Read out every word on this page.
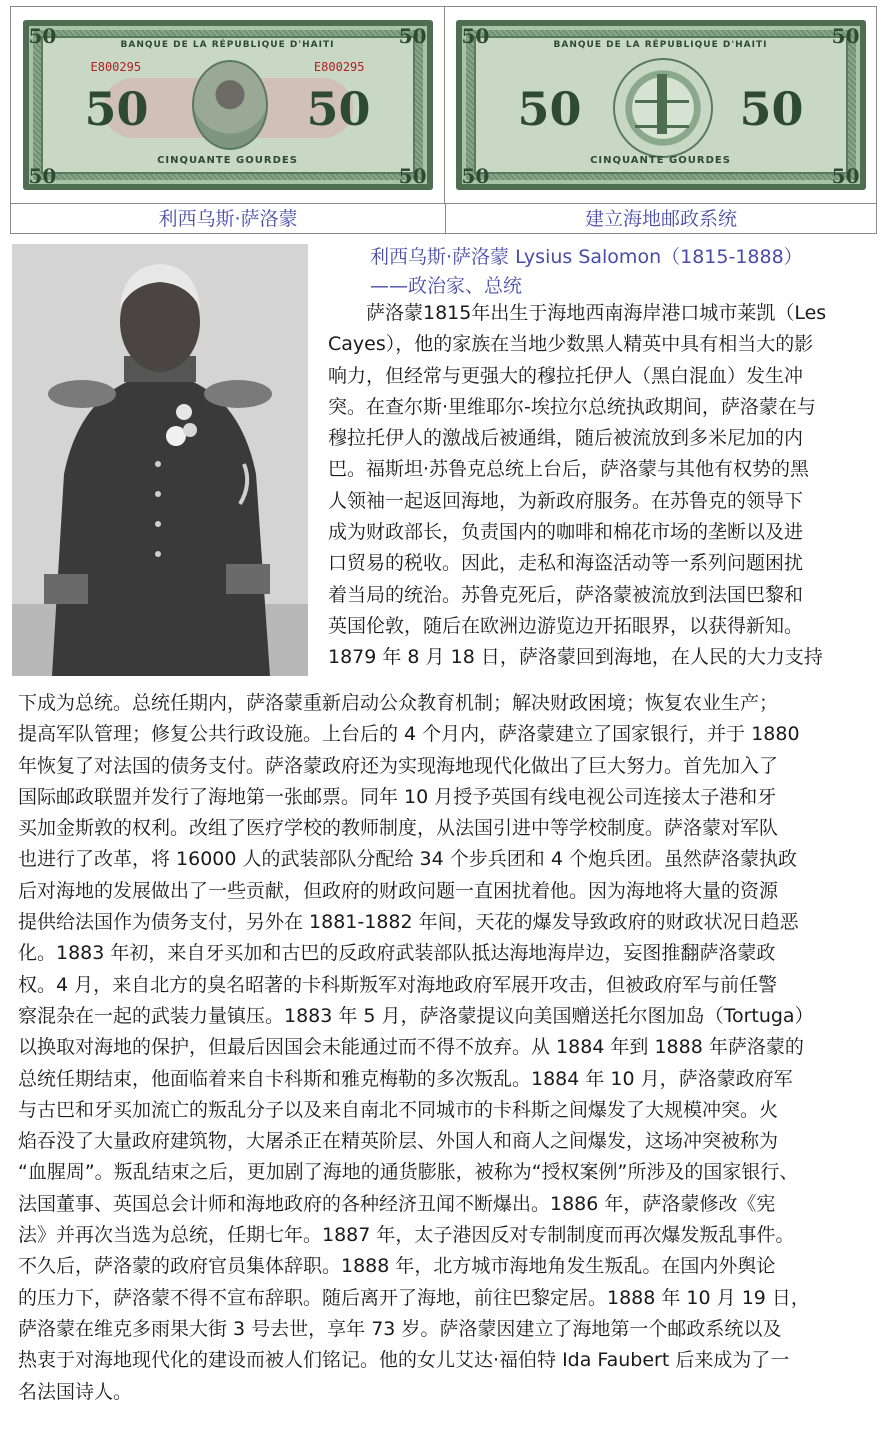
BANQUE DE LA RÉPUBLIQUE D'HAITI
E800295	E800295
50	50
CINQUANTE GOURDES
50	50
50	50
BANQUE DE LA RÉPUBLIQUE D'HAITI
50	50
CINQUANTE GOURDES
50	50
50	50
利西乌斯·萨洛蒙	建立海地邮政系统
利西乌斯·萨洛蒙 Lysius Salomon（1815-1888）
——政治家、总统
　　萨洛蒙1815年出生于海地西南海岸港口城市莱凯（Les
Cayes），他的家族在当地少数黑人精英中具有相当大的影
响力，但经常与更强大的穆拉托伊人（黑白混血）发生冲
突。在查尔斯·里维耶尔-埃拉尔总统执政期间，萨洛蒙在与
穆拉托伊人的激战后被通缉，随后被流放到多米尼加的内
巴。福斯坦·苏鲁克总统上台后，萨洛蒙与其他有权势的黑
人领袖一起返回海地，为新政府服务。在苏鲁克的领导下
成为财政部长，负责国内的咖啡和棉花市场的垄断以及进
口贸易的税收。因此，走私和海盗活动等一系列问题困扰
着当局的统治。苏鲁克死后，萨洛蒙被流放到法国巴黎和
英国伦敦，随后在欧洲边游览边开拓眼界，以获得新知。
1879 年 8 月 18 日，萨洛蒙回到海地，在人民的大力支持
下成为总统。总统任期内，萨洛蒙重新启动公众教育机制；解决财政困境；恢复农业生产；
提高军队管理；修复公共行政设施。上台后的 4 个月内，萨洛蒙建立了国家银行，并于 1880
年恢复了对法国的债务支付。萨洛蒙政府还为实现海地现代化做出了巨大努力。首先加入了
国际邮政联盟并发行了海地第一张邮票。同年 10 月授予英国有线电视公司连接太子港和牙
买加金斯敦的权利。改组了医疗学校的教师制度，从法国引进中等学校制度。萨洛蒙对军队
也进行了改革，将 16000 人的武装部队分配给 34 个步兵团和 4 个炮兵团。虽然萨洛蒙执政
后对海地的发展做出了一些贡献，但政府的财政问题一直困扰着他。因为海地将大量的资源
提供给法国作为债务支付，另外在 1881-1882 年间，天花的爆发导致政府的财政状况日趋恶
化。1883 年初，来自牙买加和古巴的反政府武装部队抵达海地海岸边，妄图推翻萨洛蒙政
权。4 月，来自北方的臭名昭著的卡科斯叛军对海地政府军展开攻击，但被政府军与前任警
察混杂在一起的武装力量镇压。1883 年 5 月，萨洛蒙提议向美国赠送托尔图加岛（Tortuga）
以换取对海地的保护，但最后因国会未能通过而不得不放弃。从 1884 年到 1888 年萨洛蒙的
总统任期结束，他面临着来自卡科斯和雅克梅勒的多次叛乱。1884 年 10 月，萨洛蒙政府军
与古巴和牙买加流亡的叛乱分子以及来自南北不同城市的卡科斯之间爆发了大规模冲突。火
焰吞没了大量政府建筑物，大屠杀正在精英阶层、外国人和商人之间爆发，这场冲突被称为
“血腥周”。叛乱结束之后，更加剧了海地的通货膨胀，被称为“授权案例”所涉及的国家银行、
法国董事、英国总会计师和海地政府的各种经济丑闻不断爆出。1886 年，萨洛蒙修改《宪
法》并再次当选为总统，任期七年。1887 年，太子港因反对专制制度而再次爆发叛乱事件。
不久后，萨洛蒙的政府官员集体辞职。1888 年，北方城市海地角发生叛乱。在国内外舆论
的压力下，萨洛蒙不得不宣布辞职。随后离开了海地，前往巴黎定居。1888 年 10 月 19 日，
萨洛蒙在维克多雨果大街 3 号去世，享年 73 岁。萨洛蒙因建立了海地第一个邮政系统以及
热衷于对海地现代化的建设而被人们铭记。他的女儿艾达·福伯特 Ida Faubert 后来成为了一
名法国诗人。
